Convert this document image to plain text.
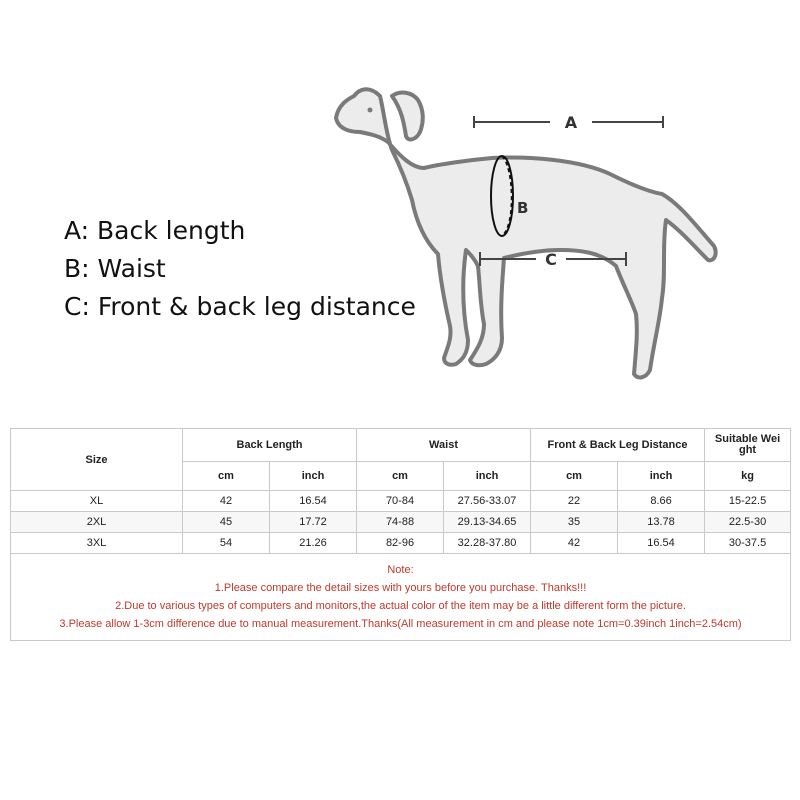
A: Back length
B: Waist
C: Front & back leg distance
A
B
C
Size	Back Length		Waist		Front & Back Leg Distance		Suitable Wei
ght
	cm	inch	cm	inch	cm	inch	kg
XL	42	16.54	70-84	27.56-33.07	22	8.66	15-22.5
2XL	45	17.72	74-88	29.13-34.65	35	13.78	22.5-30
3XL	54	21.26	82-96	32.28-37.80	42	16.54	30-37.5

Note:
1.Please compare the detail sizes with yours before you purchase. Thanks!!!
2.Due to various types of computers and monitors,the actual color of the item may be a little different form the picture.
3.Please allow 1-3cm difference due to manual measurement.Thanks(All measurement in cm and please note 1cm=0.39inch 1inch=2.54cm)							
